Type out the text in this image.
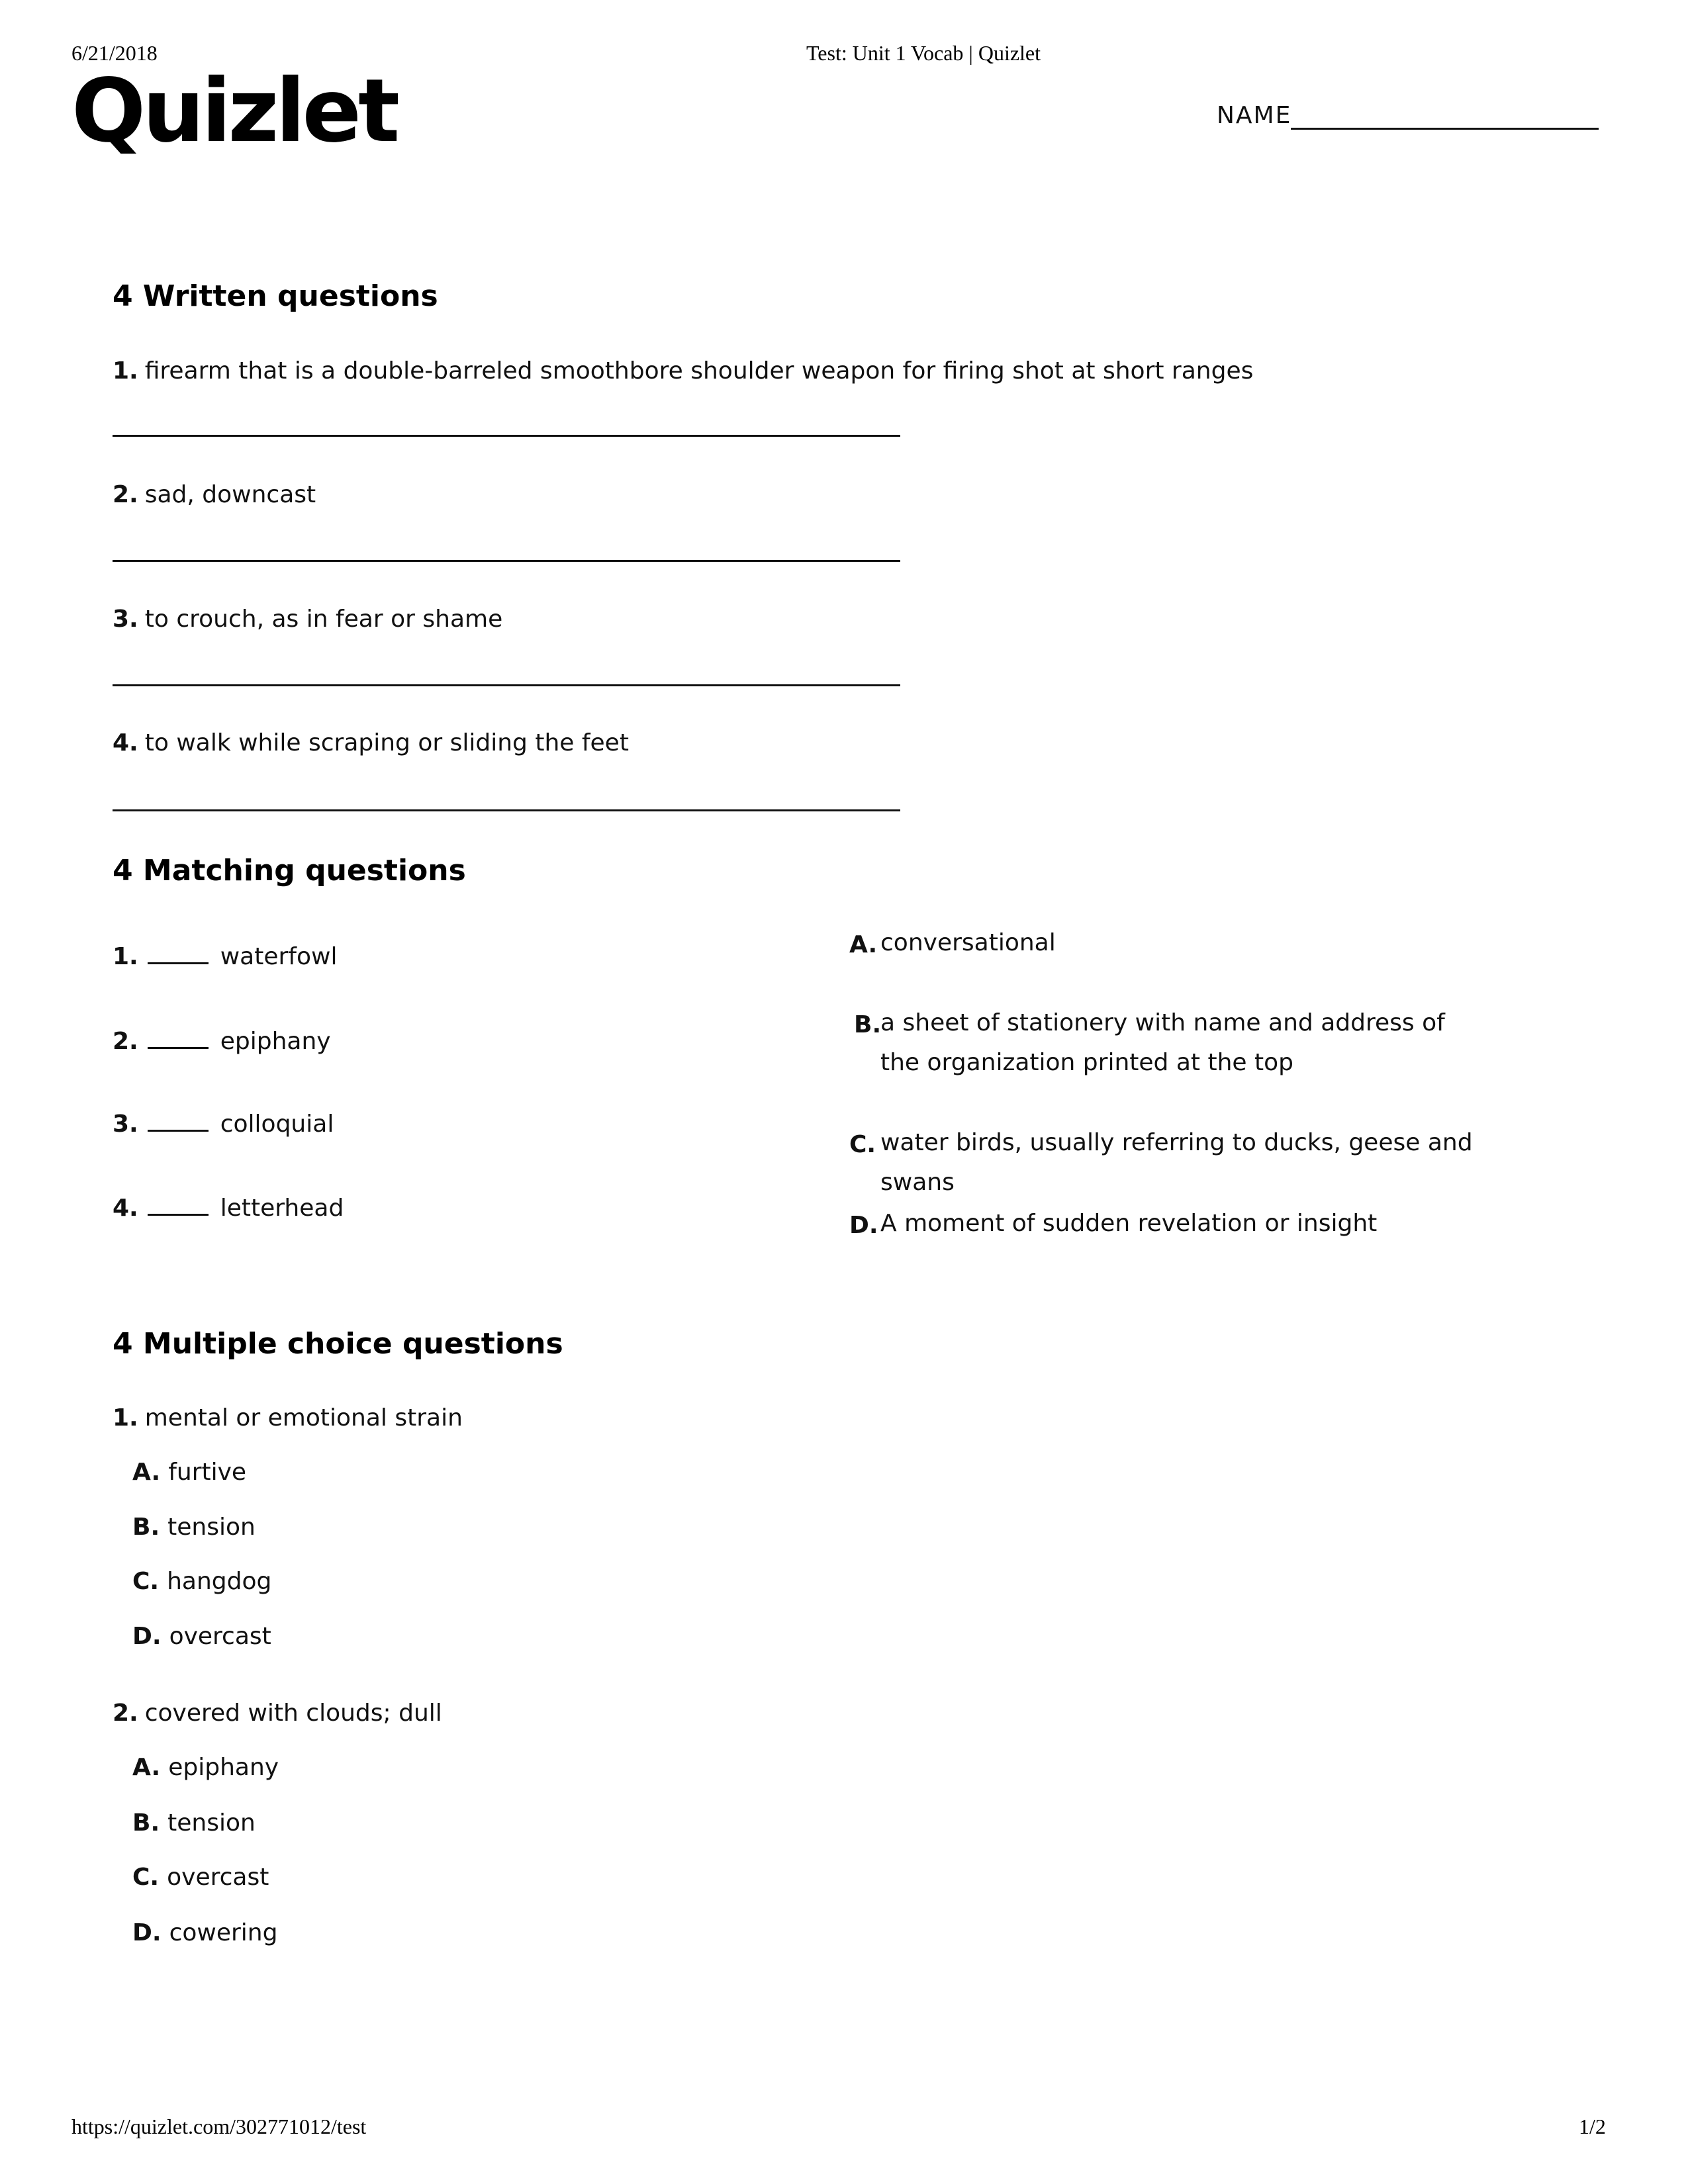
6/21/2018	Test: Unit 1 Vocab | Quizlet
Quizlet	NAME
4 Written questions
1. firearm that is a double-barreled smoothbore shoulder weapon for firing shot at short ranges
2. sad, downcast
3. to crouch, as in fear or shame
4. to walk while scraping or sliding the feet
4 Matching questions
1.	waterfowl
2.	epiphany
3.	colloquial
4.	letterhead
A. conversational
B.
a sheet of stationery with name and address of the organization printed at the top
C. water birds, usually referring to ducks, geese and swans
D. A moment of sudden revelation or insight
4 Multiple choice questions
1. mental or emotional strain
A. furtive
B. tension
C. hangdog
D. overcast
2. covered with clouds; dull
A. epiphany
B. tension
C. overcast
D. cowering
https://quizlet.com/302771012/test	1/2
